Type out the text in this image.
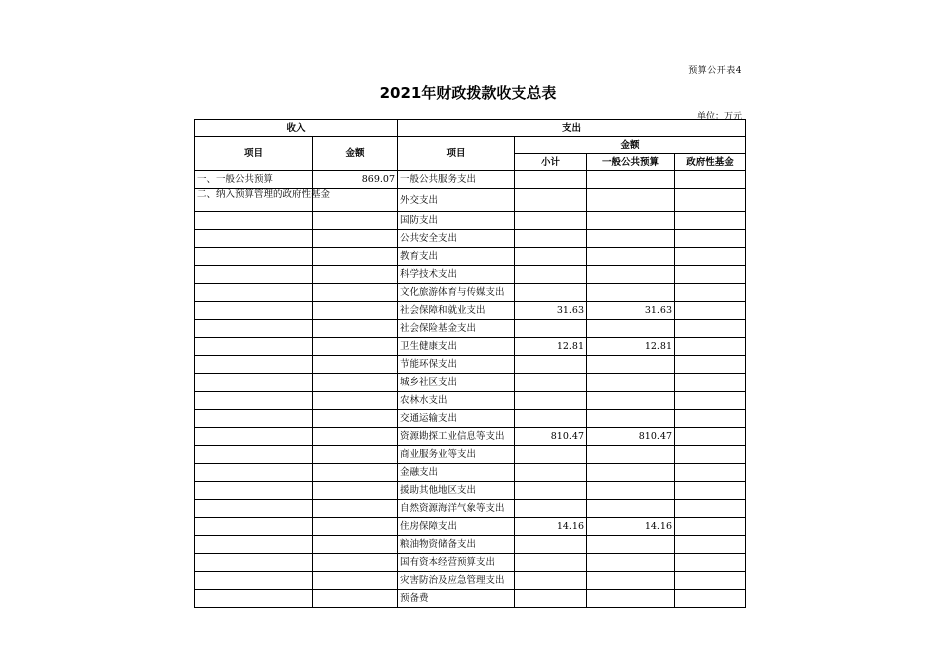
预算公开表4
2021年财政拨款收支总表
单位：万元
收入		支出			
项目	金额	项目	金额		
			小计	一般公共预算	政府性基金
一、一般公共预算	869.07	一般公共服务支出			
二、纳入预算管理的政府性基金		外交支出			
		国防支出			
		公共安全支出			
		教育支出			
		科学技术支出			
		文化旅游体育与传媒支出			
		社会保障和就业支出	31.63	31.63	
		社会保险基金支出			
		卫生健康支出	12.81	12.81	
		节能环保支出			
		城乡社区支出			
		农林水支出			
		交通运输支出			
		资源勘探工业信息等支出	810.47	810.47	
		商业服务业等支出			
		金融支出			
		援助其他地区支出			
		自然资源海洋气象等支出			
		住房保障支出	14.16	14.16	
		粮油物资储备支出			
		国有资本经营预算支出			
		灾害防治及应急管理支出			
		预备费			
